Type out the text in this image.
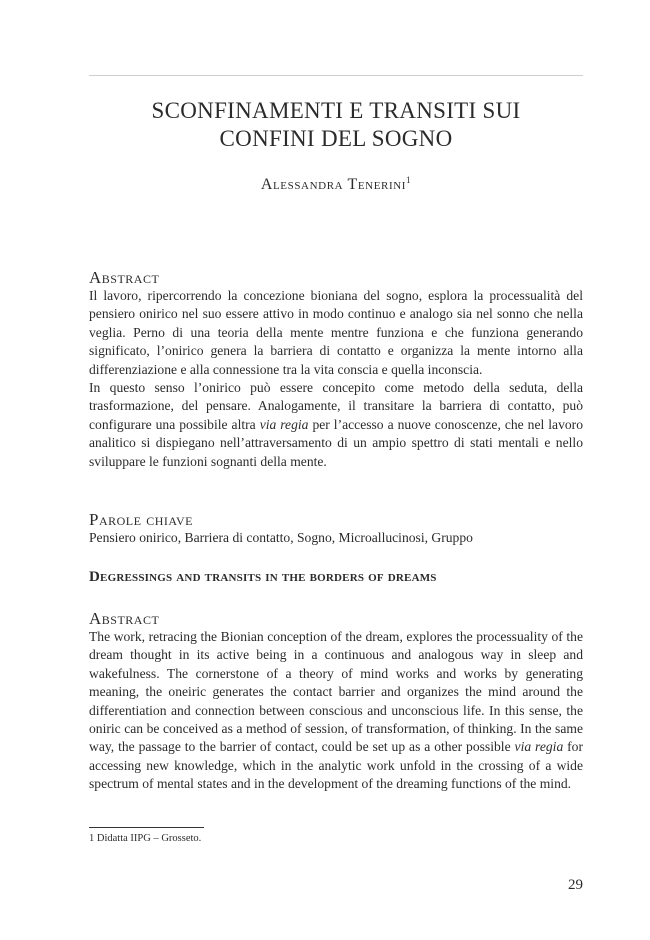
SCONFINAMENTI E TRANSITI SUI
CONFINI DEL SOGNO
Alessandra Tenerini$^1$
Abstract

Il lavoro, ripercorrendo la concezione bioniana del sogno, esplora la processualità del pensiero onirico nel suo essere attivo in modo continuo e analogo sia nel sonno che nella veglia. Perno di una teoria della mente mentre funziona e che funziona generando significato, l’onirico genera la barriera di contatto e organizza la mente intorno alla differenziazione e alla connessione tra la vita conscia e quella inconscia.

In questo senso l’onirico può essere concepito come metodo della seduta, della trasformazione, del pensare. Analogamente, il transitare la barriera di contatto, può configurare una possibile altra via regia per l’accesso a nuove conoscenze, che nel lavoro analitico si dispiegano nell’attraversamento di un ampio spettro di stati mentali e nello sviluppare le funzioni sognanti della mente.

Parole chiave

Pensiero onirico, Barriera di contatto, Sogno, Microallucinosi, Gruppo

Degressings and transits in the borders of dreams
Abstract

The work, retracing the Bionian conception of the dream, explores the processuality of the dream thought in its active being in a continuous and analogous way in sleep and wakefulness. The cornerstone of a theory of mind works and works by generating meaning, the oneiric generates the contact barrier and organizes the mind around the differentiation and connection between conscious and unconscious life. In this sense, the oniric can be conceived as a method of session, of transformation, of thinking. In the same way, the passage to the barrier of contact, could be set up as a other possible via regia for accessing new knowledge, which in the analytic work unfold in the crossing of a wide spectrum of mental states and in the development of the dreaming functions of the mind.

1 Didatta IIPG – Grosseto.
29
